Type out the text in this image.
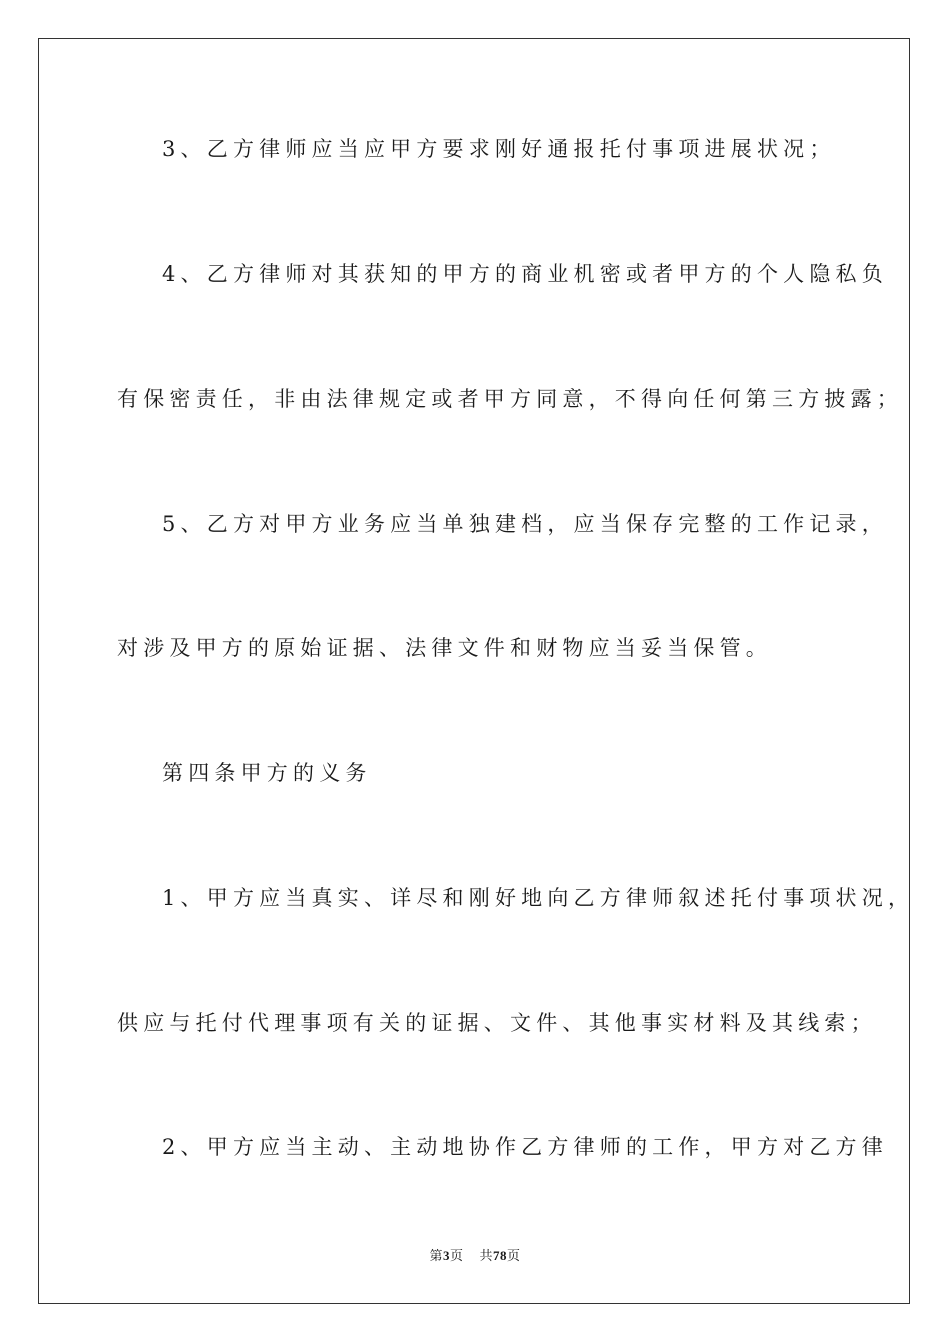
3、乙方律师应当应甲方要求刚好通报托付事项进展状况；
4、乙方律师对其获知的甲方的商业机密或者甲方的个人隐私负
有保密责任，非由法律规定或者甲方同意，不得向任何第三方披露；
5、乙方对甲方业务应当单独建档，应当保存完整的工作记录，
对涉及甲方的原始证据、法律文件和财物应当妥当保管。
第四条甲方的义务
1、甲方应当真实、详尽和刚好地向乙方律师叙述托付事项状况，
供应与托付代理事项有关的证据、文件、其他事实材料及其线索；
2、甲方应当主动、主动地协作乙方律师的工作，甲方对乙方律
第3页 共78页
